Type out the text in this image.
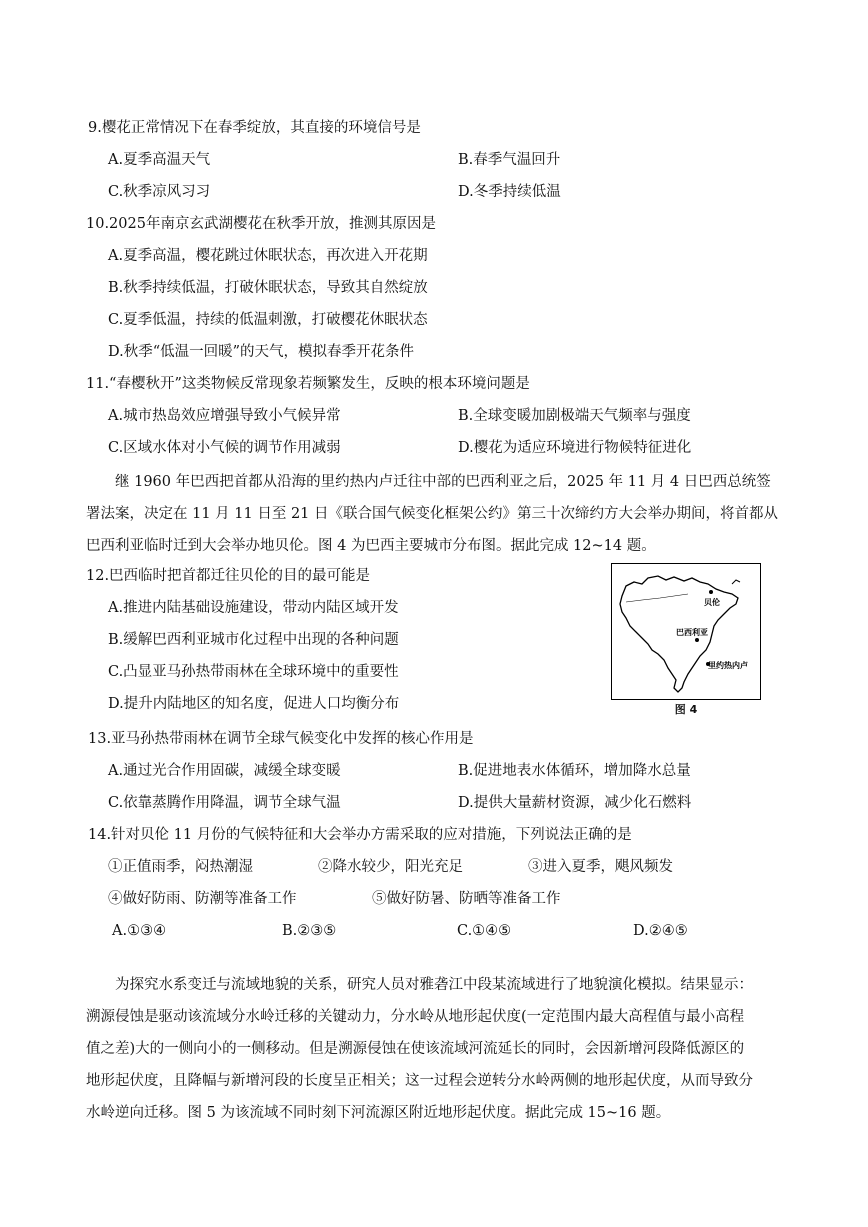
9.樱花正常情况下在春季绽放，其直接的环境信号是
A.夏季高温天气	B.春季气温回升
C.秋季凉风习习	D.冬季持续低温
10.2025年南京玄武湖樱花在秋季开放，推测其原因是
A.夏季高温，樱花跳过休眠状态，再次进入开花期
B.秋季持续低温，打破休眠状态，导致其自然绽放
C.夏季低温，持续的低温刺激，打破樱花休眠状态
D.秋季“低温一回暖”的天气，模拟春季开花条件
11.“春樱秋开”这类物候反常现象若频繁发生，反映的根本环境问题是
A.城市热岛效应增强导致小气候异常	B.全球变暖加剧极端天气频率与强度
C.区域水体对小气候的调节作用减弱	D.樱花为适应环境进行物候特征进化
继 1960 年巴西把首都从沿海的里约热内卢迁往中部的巴西利亚之后，2025 年 11 月 4 日巴西总统签
署法案，决定在 11 月 11 日至 21 日《联合国气候变化框架公约》第三十次缔约方大会举办期间，将首都从
巴西利亚临时迁到大会举办地贝伦。图 4 为巴西主要城市分布图。据此完成 12~14 题。
12.巴西临时把首都迁往贝伦的目的最可能是
A.推进内陆基础设施建设，带动内陆区域开发
B.缓解巴西利亚城市化过程中出现的各种问题
C.凸显亚马孙热带雨林在全球环境中的重要性
D.提升内陆地区的知名度，促进人口均衡分布
贝伦
巴西利亚
里约热内卢
图 4
13.亚马孙热带雨林在调节全球气候变化中发挥的核心作用是
A.通过光合作用固碳，减缓全球变暖	B.促进地表水体循环，增加降水总量
C.依靠蒸腾作用降温，调节全球气温	D.提供大量薪材资源，减少化石燃料
14.针对贝伦 11 月份的气候特征和大会举办方需采取的应对措施，下列说法正确的是
①正值雨季，闷热潮湿	②降水较少，阳光充足	③进入夏季，飓风频发
④做好防雨、防潮等准备工作	⑤做好防暑、防晒等准备工作
A.①③④	B.②③⑤	C.①④⑤	D.②④⑤
为探究水系变迁与流域地貌的关系，研究人员对雅砻江中段某流域进行了地貌演化模拟。结果显示：
溯源侵蚀是驱动该流域分水岭迁移的关键动力，分水岭从地形起伏度(一定范围内最大高程值与最小高程
值之差)大的一侧向小的一侧移动。但是溯源侵蚀在使该流域河流延长的同时，会因新增河段降低源区的
地形起伏度，且降幅与新增河段的长度呈正相关；这一过程会逆转分水岭两侧的地形起伏度，从而导致分
水岭逆向迁移。图 5 为该流域不同时刻下河流源区附近地形起伏度。据此完成 15~16 题。
